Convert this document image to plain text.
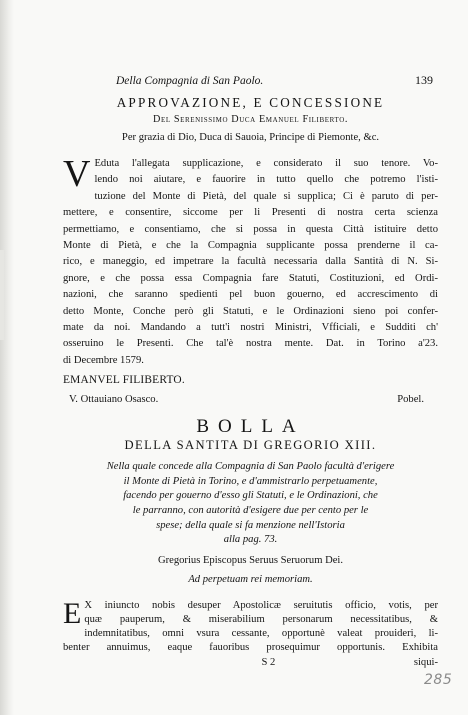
Della Compagnia di San Paolo.	139
APPROVAZIONE, E CONCESSIONE
Del Serenissimo Duca Emanuel Filiberto.
Per grazia di Dio, Duca di Sauoia, Principe di Piemonte, &c.
V Eduta l'allegata supplicazione, e considerato il suo tenore. Vo-
lendo noi aiutare, e fauorire in tutto quello che potremo l'isti-
tuzione del Monte di Pietà, del quale si supplica; Ci è paruto di per-
mettere, e consentire, siccome per li Presenti di nostra certa scienza
permettiamo, e consentiamo, che si possa in questa Città istituire detto
Monte di Pietà, e che la Compagnia supplicante possa prenderne il ca-
rico, e maneggio, ed impetrare la facultà necessaria dalla Santità di N. Si-
gnore, e che possa essa Compagnia fare Statuti, Costituzioni, ed Ordi-
nazioni, che saranno spedienti pel buon gouerno, ed accrescimento di
detto Monte, Conche però gli Statuti, e le Ordinazioni sieno poi confer-
mate da noi. Mandando a tutt'i nostri Ministri, Vfficiali, e Sudditi ch'
osseruino le Presenti. Che tal'è nostra mente. Dat. in Torino a'23.
di Decembre 1579.
EMANVEL FILIBERTO.
V. Ottauiano Osasco.	Pobel.
BOLLA
DELLA SANTITA DI GREGORIO XIII.
Nella quale concede alla Compagnia di San Paolo facultà d'erigere
il Monte di Pietà in Torino, e d'ammistrarlo perpetuamente,
facendo per gouerno d'esso gli Statuti, e le Ordinazioni, che
le parranno, con autorità d'esigere due per cento per le
spese; della quale si fa menzione nell'Istoria
alla pag. 73.
Gregorius Episcopus Seruus Seruorum Dei.
Ad perpetuam rei memoriam.
E X iniuncto nobis desuper Apostolicæ seruitutis officio, votis, per
quæ pauperum, & miserabilium personarum necessitatibus, &
indemnitatibus, omni vsura cessante, opportunè valeat prouideri, li-
benter annuimus, eaque fauoribus prosequimur opportunis. Exhibita
S 2	siqui-
285
